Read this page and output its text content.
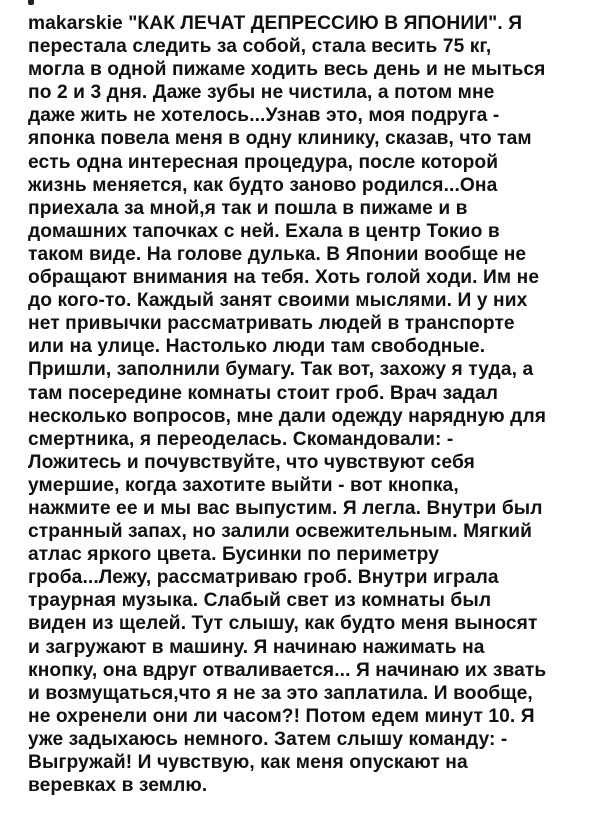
makarskie "КАК ЛЕЧАТ ДЕПРЕССИЮ В ЯПОНИИ". Я
перестала следить за собой, стала весить 75 кг,
могла в одной пижаме ходить весь день и не мыться
по 2 и 3 дня. Даже зубы не чистила, а потом мне
даже жить не хотелось...Узнав это, моя подруга -
японка повела меня в одну клинику, сказав, что там
есть одна интересная процедура, после которой
жизнь меняется, как будто заново родился...Она
приехала за мной,я так и пошла в пижаме и в
домашних тапочках с ней. Ехала в центр Токио в
таком виде. На голове дулька. В Японии вообще не
обращают внимания на тебя. Хоть голой ходи. Им не
до кого-то. Каждый занят своими мыслями. И у них
нет привычки рассматривать людей в транспорте
или на улице. Настолько люди там свободные.
Пришли, заполнили бумагу. Так вот, захожу я туда, а
там посередине комнаты стоит гроб. Врач задал
несколько вопросов, мне дали одежду нарядную для
смертника, я переоделась. Скомандовали: -
Ложитесь и почувствуйте, что чувствуют себя
умершие, когда захотите выйти - вот кнопка,
нажмите ее и мы вас выпустим. Я легла. Внутри был
странный запах, но залили освежительным. Мягкий
атлас яркого цвета. Бусинки по периметру
гроба...Лежу, рассматриваю гроб. Внутри играла
траурная музыка. Слабый свет из комнаты был
виден из щелей. Тут слышу, как будто меня выносят
и загружают в машину. Я начинаю нажимать на
кнопку, она вдруг отваливается... Я начинаю их звать
и возмущаться,что я не за это заплатила. И вообще,
не охренели они ли часом?! Потом едем минут 10. Я
уже задыхаюсь немного. Затем слышу команду: -
Выгружай! И чувствую, как меня опускают на
веревках в землю.
